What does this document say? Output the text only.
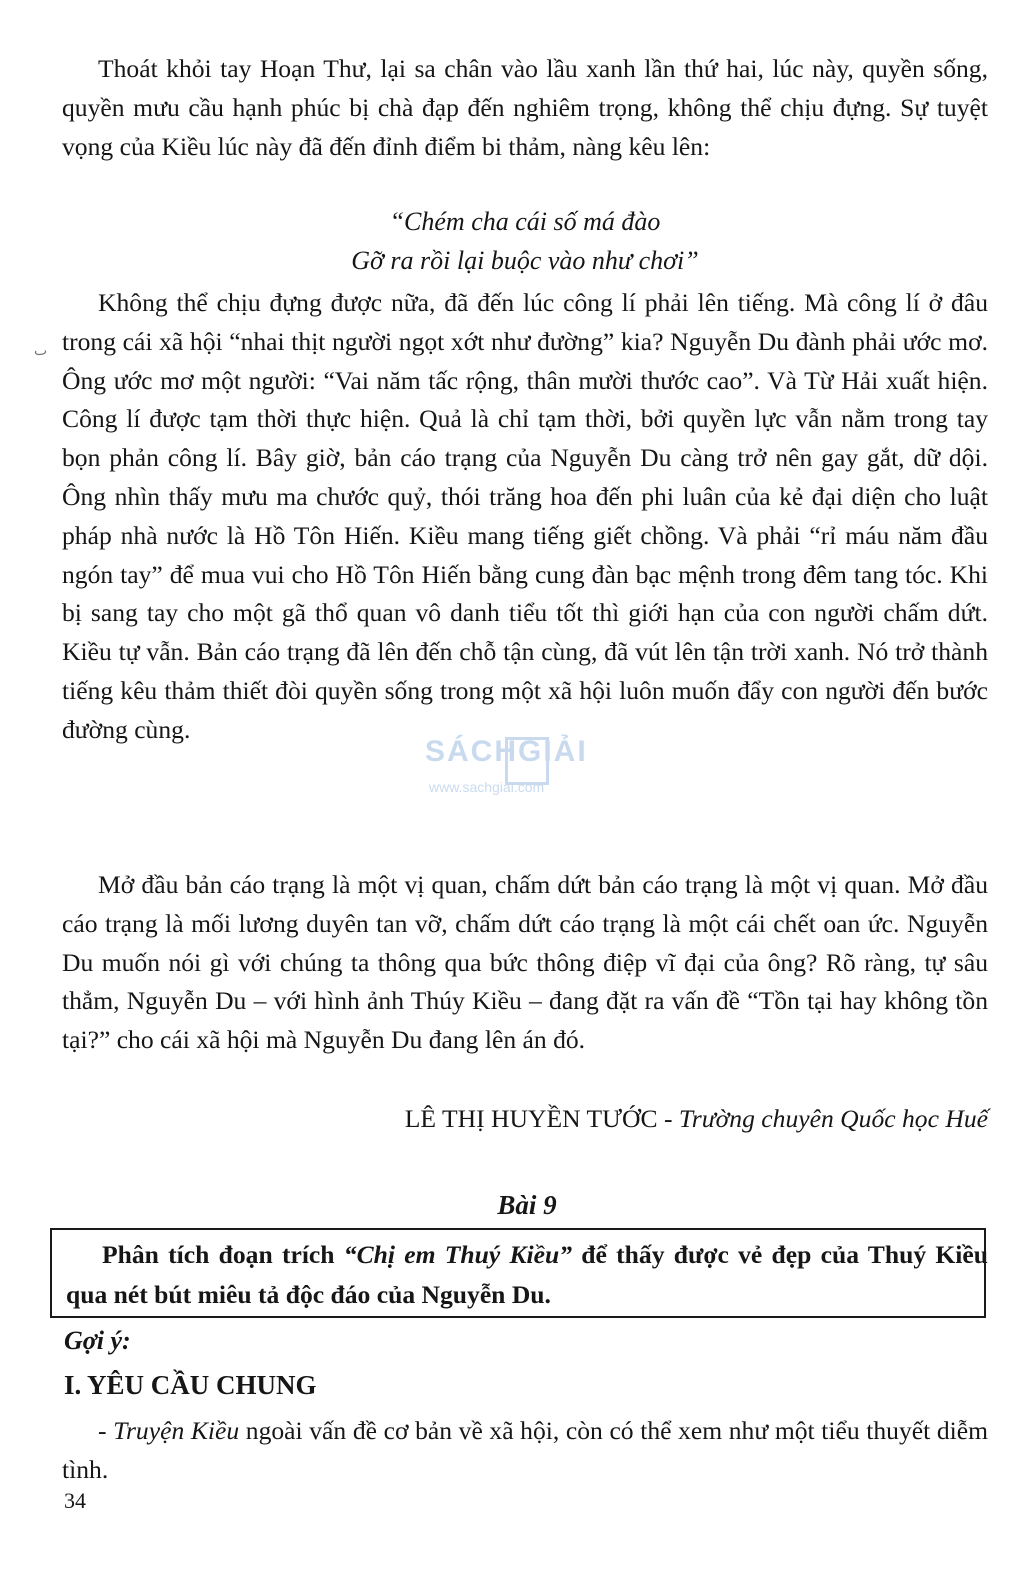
Thoát khỏi tay Hoạn Thư, lại sa chân vào lầu xanh lần thứ hai, lúc này, quyền sống, quyền mưu cầu hạnh phúc bị chà đạp đến nghiêm trọng, không thể chịu đựng. Sự tuyệt vọng của Kiều lúc này đã đến đỉnh điểm bi thảm, nàng kêu lên:

“Chém cha cái số má đào

Gỡ ra rồi lại buộc vào như chơi”

Không thể chịu đựng được nữa, đã đến lúc công lí phải lên tiếng. Mà công lí ở đâu trong cái xã hội “nhai thịt người ngọt xớt như đường” kia? Nguyễn Du đành phải ước mơ. Ông ước mơ một người: “Vai năm tấc rộng, thân mười thước cao”. Và Từ Hải xuất hiện. Công lí được tạm thời thực hiện. Quả là chỉ tạm thời, bởi quyền lực vẫn nằm trong tay bọn phản công lí. Bây giờ, bản cáo trạng của Nguyễn Du càng trở nên gay gắt, dữ dội. Ông nhìn thấy mưu ma chước quỷ, thói trăng hoa đến phi luân của kẻ đại diện cho luật pháp nhà nước là Hồ Tôn Hiến. Kiều mang tiếng giết chồng. Và phải “rỉ máu năm đầu ngón tay” để mua vui cho Hồ Tôn Hiến bằng cung đàn bạc mệnh trong đêm tang tóc. Khi bị sang tay cho một gã thổ quan vô danh tiểu tốt thì giới hạn của con người chấm dứt. Kiều tự vẫn. Bản cáo trạng đã lên đến chỗ tận cùng, đã vút lên tận trời xanh. Nó trở thành tiếng kêu thảm thiết đòi quyền sống trong một xã hội luôn muốn đẩy con người đến bước đường cùng.

Mở đầu bản cáo trạng là một vị quan, chấm dứt bản cáo trạng là một vị quan. Mở đầu cáo trạng là mối lương duyên tan vỡ, chấm dứt cáo trạng là một cái chết oan ức. Nguyễn Du muốn nói gì với chúng ta thông qua bức thông điệp vĩ đại của ông? Rõ ràng, tự sâu thẳm, Nguyễn Du – với hình ảnh Thúy Kiều – đang đặt ra vấn đề “Tồn tại hay không tồn tại?” cho cái xã hội mà Nguyễn Du đang lên án đó.

LÊ THỊ HUYỀN TƯỚC - Trường chuyên Quốc học Huế

Bài 9

Phân tích đoạn trích “Chị em Thuý Kiều” để thấy được vẻ đẹp của Thuý Kiều qua nét bút miêu tả độc đáo của Nguyễn Du.

Gợi ý:

I. YÊU CẦU CHUNG

- Truyện Kiều ngoài vấn đề cơ bản về xã hội, còn có thể xem như một tiểu thuyết diễm tình.

34

SÁCHGIẢI
www.sachgiai.com
ٮ
